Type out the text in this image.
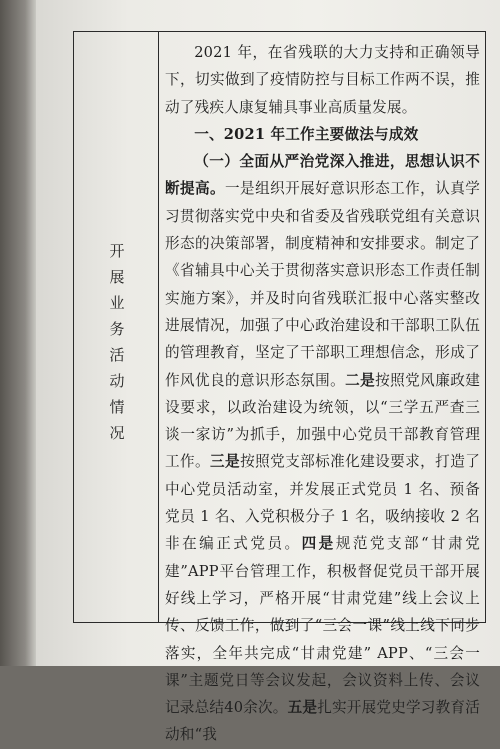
开
展
业
务
活
动
情
况

2021 年，在省残联的大力支持和正确领导下，切实做到了疫情防控与目标工作两不误，推动了残疾人康复辅具事业高质量发展。

一、2021 年工作主要做法与成效

（一）全面从严治党深入推进，思想认识不断提高。一是组织开展好意识形态工作，认真学习贯彻落实党中央和省委及省残联党组有关意识形态的决策部署，制度精神和安排要求。制定了《省辅具中心关于贯彻落实意识形态工作责任制实施方案》，并及时向省残联汇报中心落实整改进展情况，加强了中心政治建设和干部职工队伍的管理教育，坚定了干部职工理想信念，形成了作风优良的意识形态氛围。二是按照党风廉政建设要求，以政治建设为统领，以“三学五严查三谈一家访”为抓手，加强中心党员干部教育管理工作。三是按照党支部标准化建设要求，打造了中心党员活动室，并发展正式党员 1 名、预备党员 1 名、入党积极分子 1 名，吸纳接收 2 名非在编正式党员。四是规范党支部“甘肃党建”APP平台管理工作，积极督促党员干部开展好线上学习，严格开展“甘肃党建”线上会议上传、反馈工作，做到了“三会一课”线上线下同步落实，全年共完成“甘肃党建” APP、“三会一课”主题党日等会议发起，会议资料上传、会议记录总结40余次。五是扎实开展党史学习教育活动和“我
